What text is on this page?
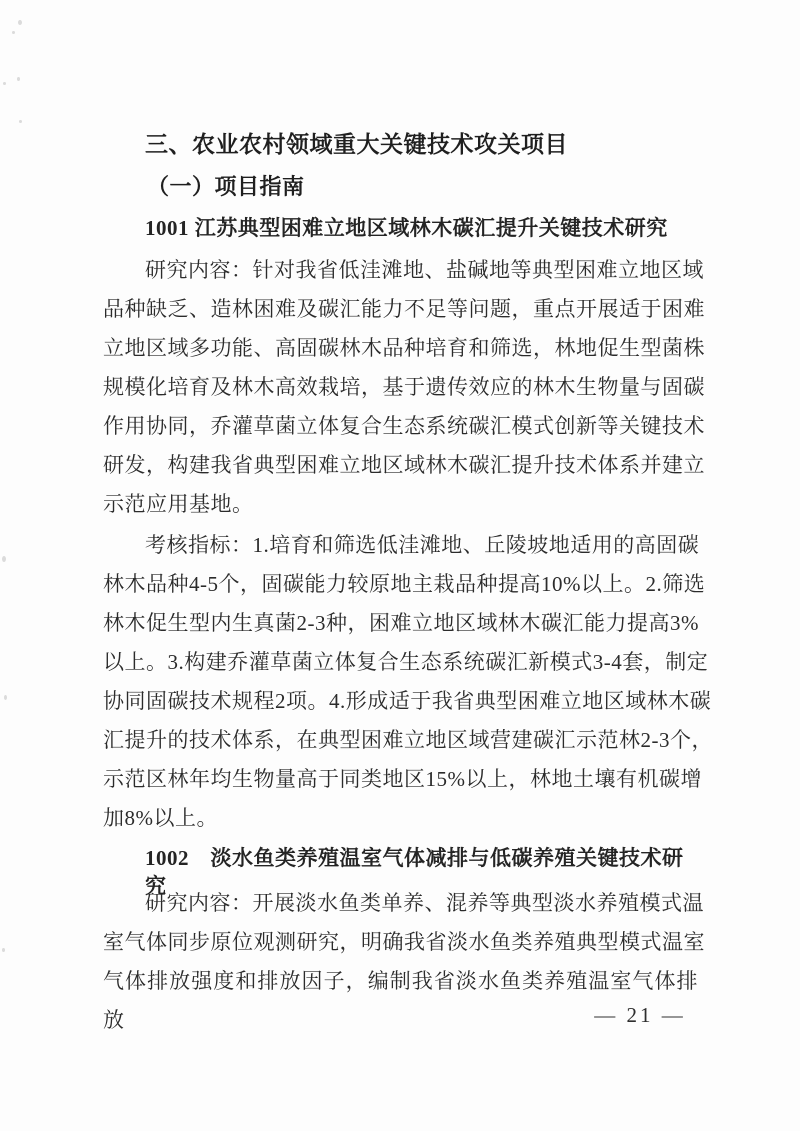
三、农业农村领域重大关键技术攻关项目
（一）项目指南
1001 江苏典型困难立地区域林木碳汇提升关键技术研究
研究内容：针对我省低洼滩地、盐碱地等典型困难立地区域
品种缺乏、造林困难及碳汇能力不足等问题，重点开展适于困难
立地区域多功能、高固碳林木品种培育和筛选，林地促生型菌株
规模化培育及林木高效栽培，基于遗传效应的林木生物量与固碳
作用协同，乔灌草菌立体复合生态系统碳汇模式创新等关键技术
研发，构建我省典型困难立地区域林木碳汇提升技术体系并建立
示范应用基地。
考核指标：1.培育和筛选低洼滩地、丘陵坡地适用的高固碳
林木品种4-5个，固碳能力较原地主栽品种提高10%以上。2.筛选
林木促生型内生真菌2-3种，困难立地区域林木碳汇能力提高3%
以上。3.构建乔灌草菌立体复合生态系统碳汇新模式3-4套，制定
协同固碳技术规程2项。4.形成适于我省典型困难立地区域林木碳
汇提升的技术体系，在典型困难立地区域营建碳汇示范林2-3个，
示范区林年均生物量高于同类地区15%以上，林地土壤有机碳增
加8%以上。
1002　淡水鱼类养殖温室气体减排与低碳养殖关键技术研究
研究内容：开展淡水鱼类单养、混养等典型淡水养殖模式温
室气体同步原位观测研究，明确我省淡水鱼类养殖典型模式温室
气体排放强度和排放因子，编制我省淡水鱼类养殖温室气体排放	— 21 —
